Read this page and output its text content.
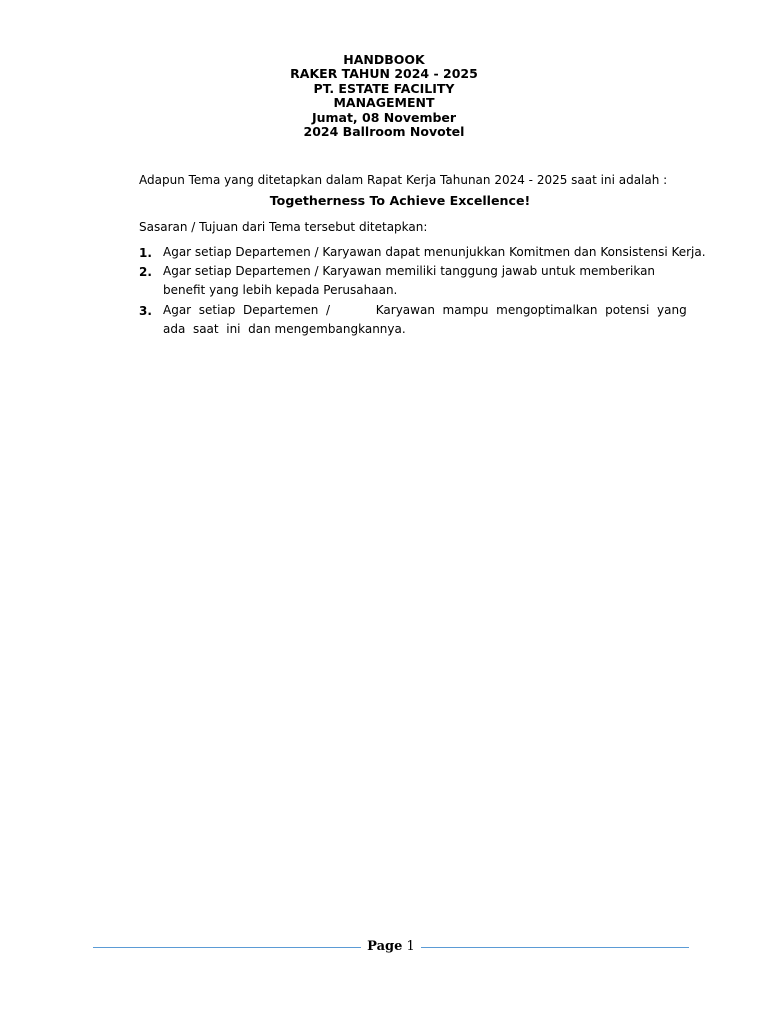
HANDBOOK
RAKER TAHUN 2024 - 2025
PT. ESTATE FACILITY
MANAGEMENT
Jumat, 08 November
2024 Ballroom Novotel
Adapun Tema yang ditetapkan dalam Rapat Kerja Tahunan 2024 - 2025 saat ini adalah :
Togetherness To Achieve Excellence!
Sasaran / Tujuan dari Tema tersebut ditetapkan:
1. Agar setiap Departemen / Karyawan dapat menunjukkan Komitmen dan Konsistensi Kerja.
2. Agar setiap Departemen / Karyawan memiliki tanggung jawab untuk memberikan
benefit yang lebih kepada Perusahaan.
3. Agar  setiap  Departemen  /            Karyawan  mampu  mengoptimalkan  potensi  yang
ada  saat  ini  dan mengembangkannya.
Page 1
